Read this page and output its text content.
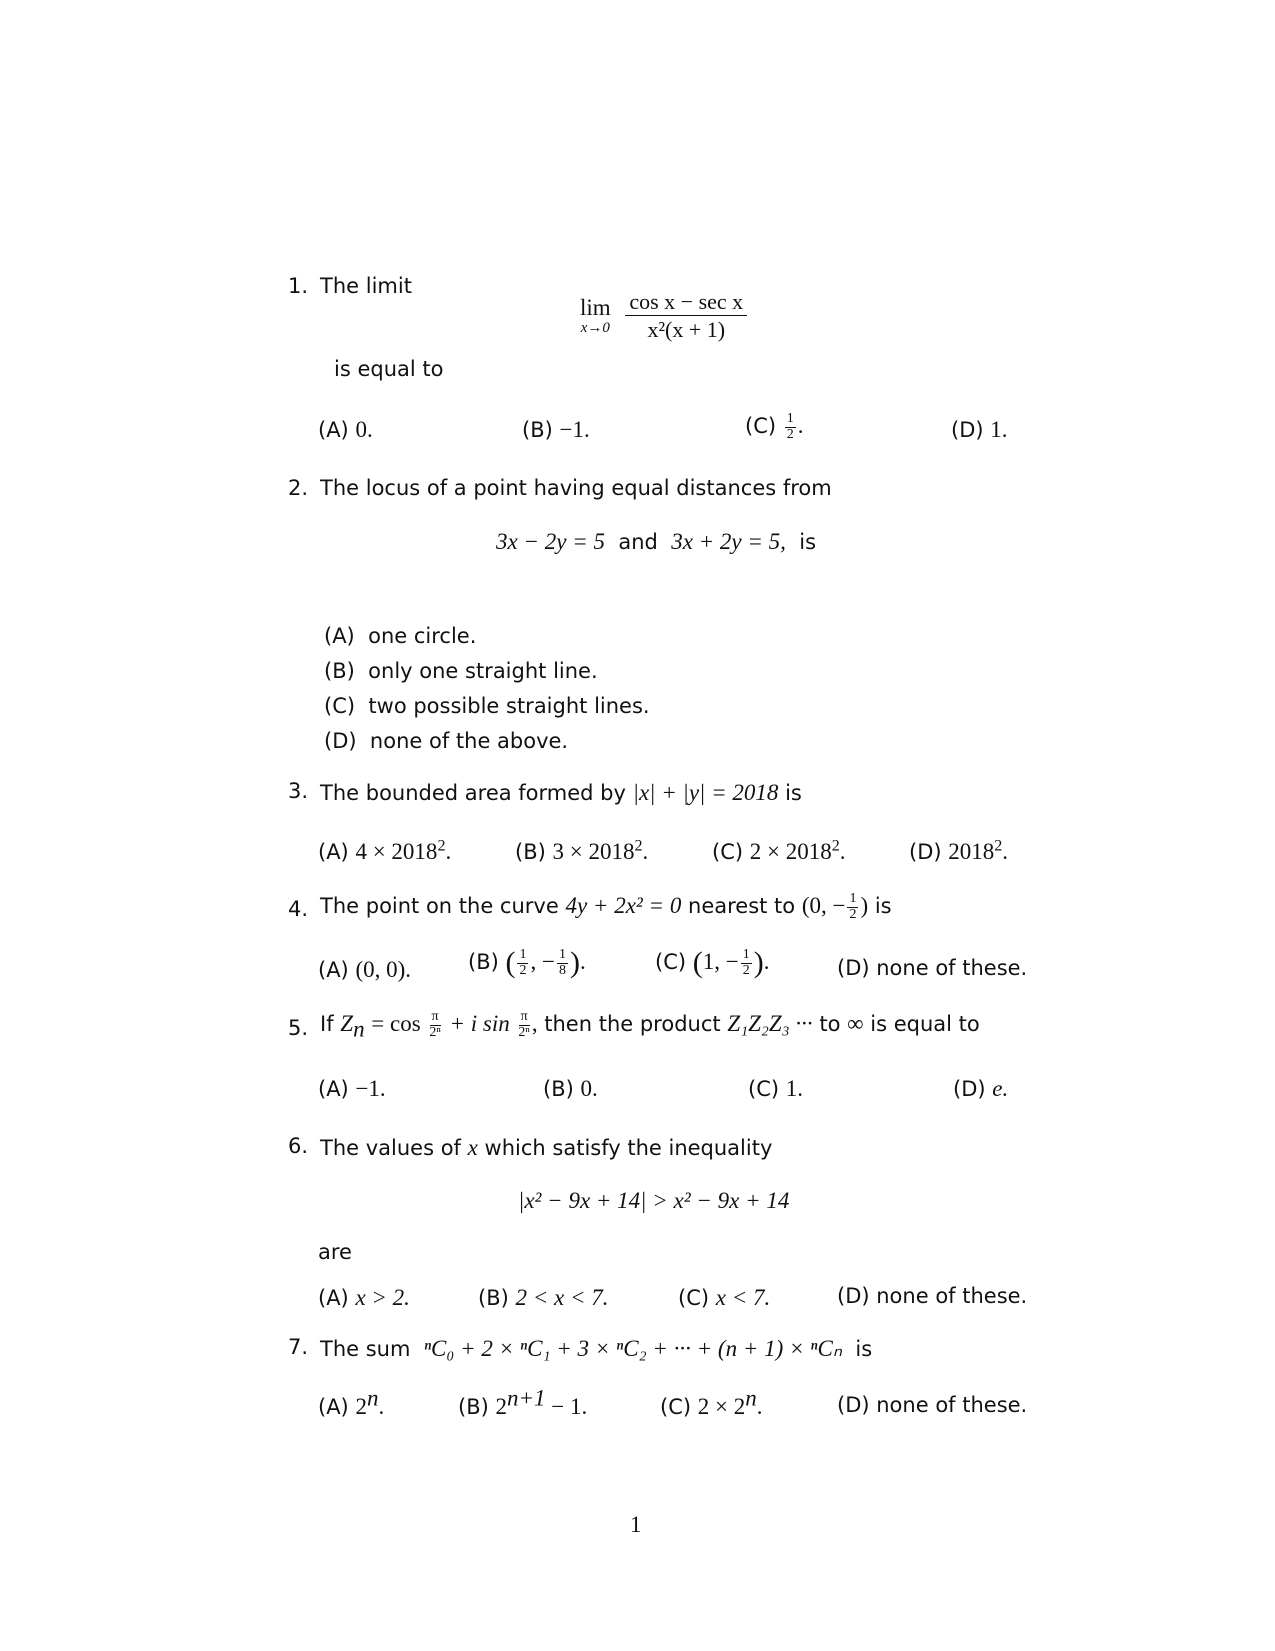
1. The limit
lim
x→0
$\frac{\text{cos x − sec x}}{\text{x²(x + 1)}}$
is equal to
(A) 0.	(B) −1.	$(C) \frac{1}{2}$ .	(D) 1.
2. The locus of a point having equal distances from
3x − 2y = 5 and 3x + 2y = 5, is
(A) one circle.
(B) only one straight line.
(C) two possible straight lines.
(D) none of the above.
3. The bounded area formed by |x| + |y| = 2018 is
(A) $4 \times 2018^2$.	(B) $3 \times 2018^2$.	(C) $2 \times 2018^2$.	(D) 2018$^2$.
4. The point on the curve 4y + 2x² = 0 nearest to (0, − $\frac{1}{2}$ ) is
(A) (0, 0).	(B) ( $\frac{1}{2}$ , − $\frac{1}{8}$ ).	(C) (1, − $\frac{1}{2}$ ).	(D) none of these.
5. If $Z_n = \cos \frac{\pi}{\text{2ⁿ}} + i$ $\sin \frac{\pi}{\text{2ⁿ}}$ , then the product Z₁Z₂Z₃ ··· to ∞ is equal to
(A) −1.	(B) 0.	(C) 1.	(D) e.
6. The values of x which satisfy the inequality
|x² − 9x + 14| > x² − 9x + 14
are
(A) x > 2.	(B) 2 < x < 7.	(C) x < 7.	(D) none of these.
7. The sum ⁿC₀ + 2 × ⁿC₁ + 3 × ⁿC₂ + ··· + (n + 1) × ⁿCₙ is
(A) 2$^n$.	(B) $2^{n+1} - 1$.	(C) $2 \times 2^n$.	(D) none of these.
1
